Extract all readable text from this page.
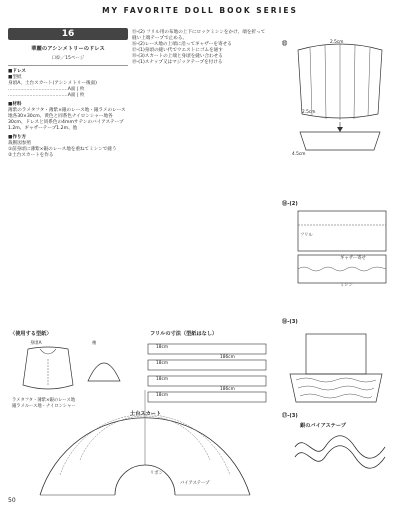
MY FAVORITE DOLL BOOK SERIES
16
華麗のアシンメトリーのドレス
口絵／15ページ
■ドレス
■型紙
身頃A、土台スカート(アシンメトリー後面)
…………………………………A面 | 枚
…………………………………A面 | 枚
■材料
薄紫のラメタフタ・薄紫×銀のレース地・銀ラメのレース地各30×30cm、黄色と同系色ナイロンシャー地各30cm、ドレスと同系色の4mmサテンのバイアステープ1.2m、ギャザーテープ1.2m、他
■作り方
裁断図参照
①前身頃に薄紫×銀のレース地を重ねてミシンで縫う
②土台スカートを作る

⑮-(2) フリル用の布地の上下にロックミシンをかけ、端を折って縫い上端テープで止める。

⑯-(2)レース地の上端に沿ってギャザーを寄せる

⑰-(1)身頃の縫い代でウエストにゴムを通す

⑱-(3)スカートの上端と身頃を縫い合わせる

⑲-(1)スナップ又はマジックテープを付ける

⑮	2.5cm
2.5cm
4.5cm
⑱-(2)
フリル
ギャザー寄せ
ミシン
⑱-(3)
⑰-(3)
銀のバイアステープ
〈使用する型紙〉
身頃A	袖
ラメタフタ・薄紫×銀のレース地
銀ラメルース地・ナイロンシャー
フリルの寸法（型紙はなし）
18cm
18cm
18cm
18cm
186cm
186cm
土台スカート
リボン
バイアステープ
50
